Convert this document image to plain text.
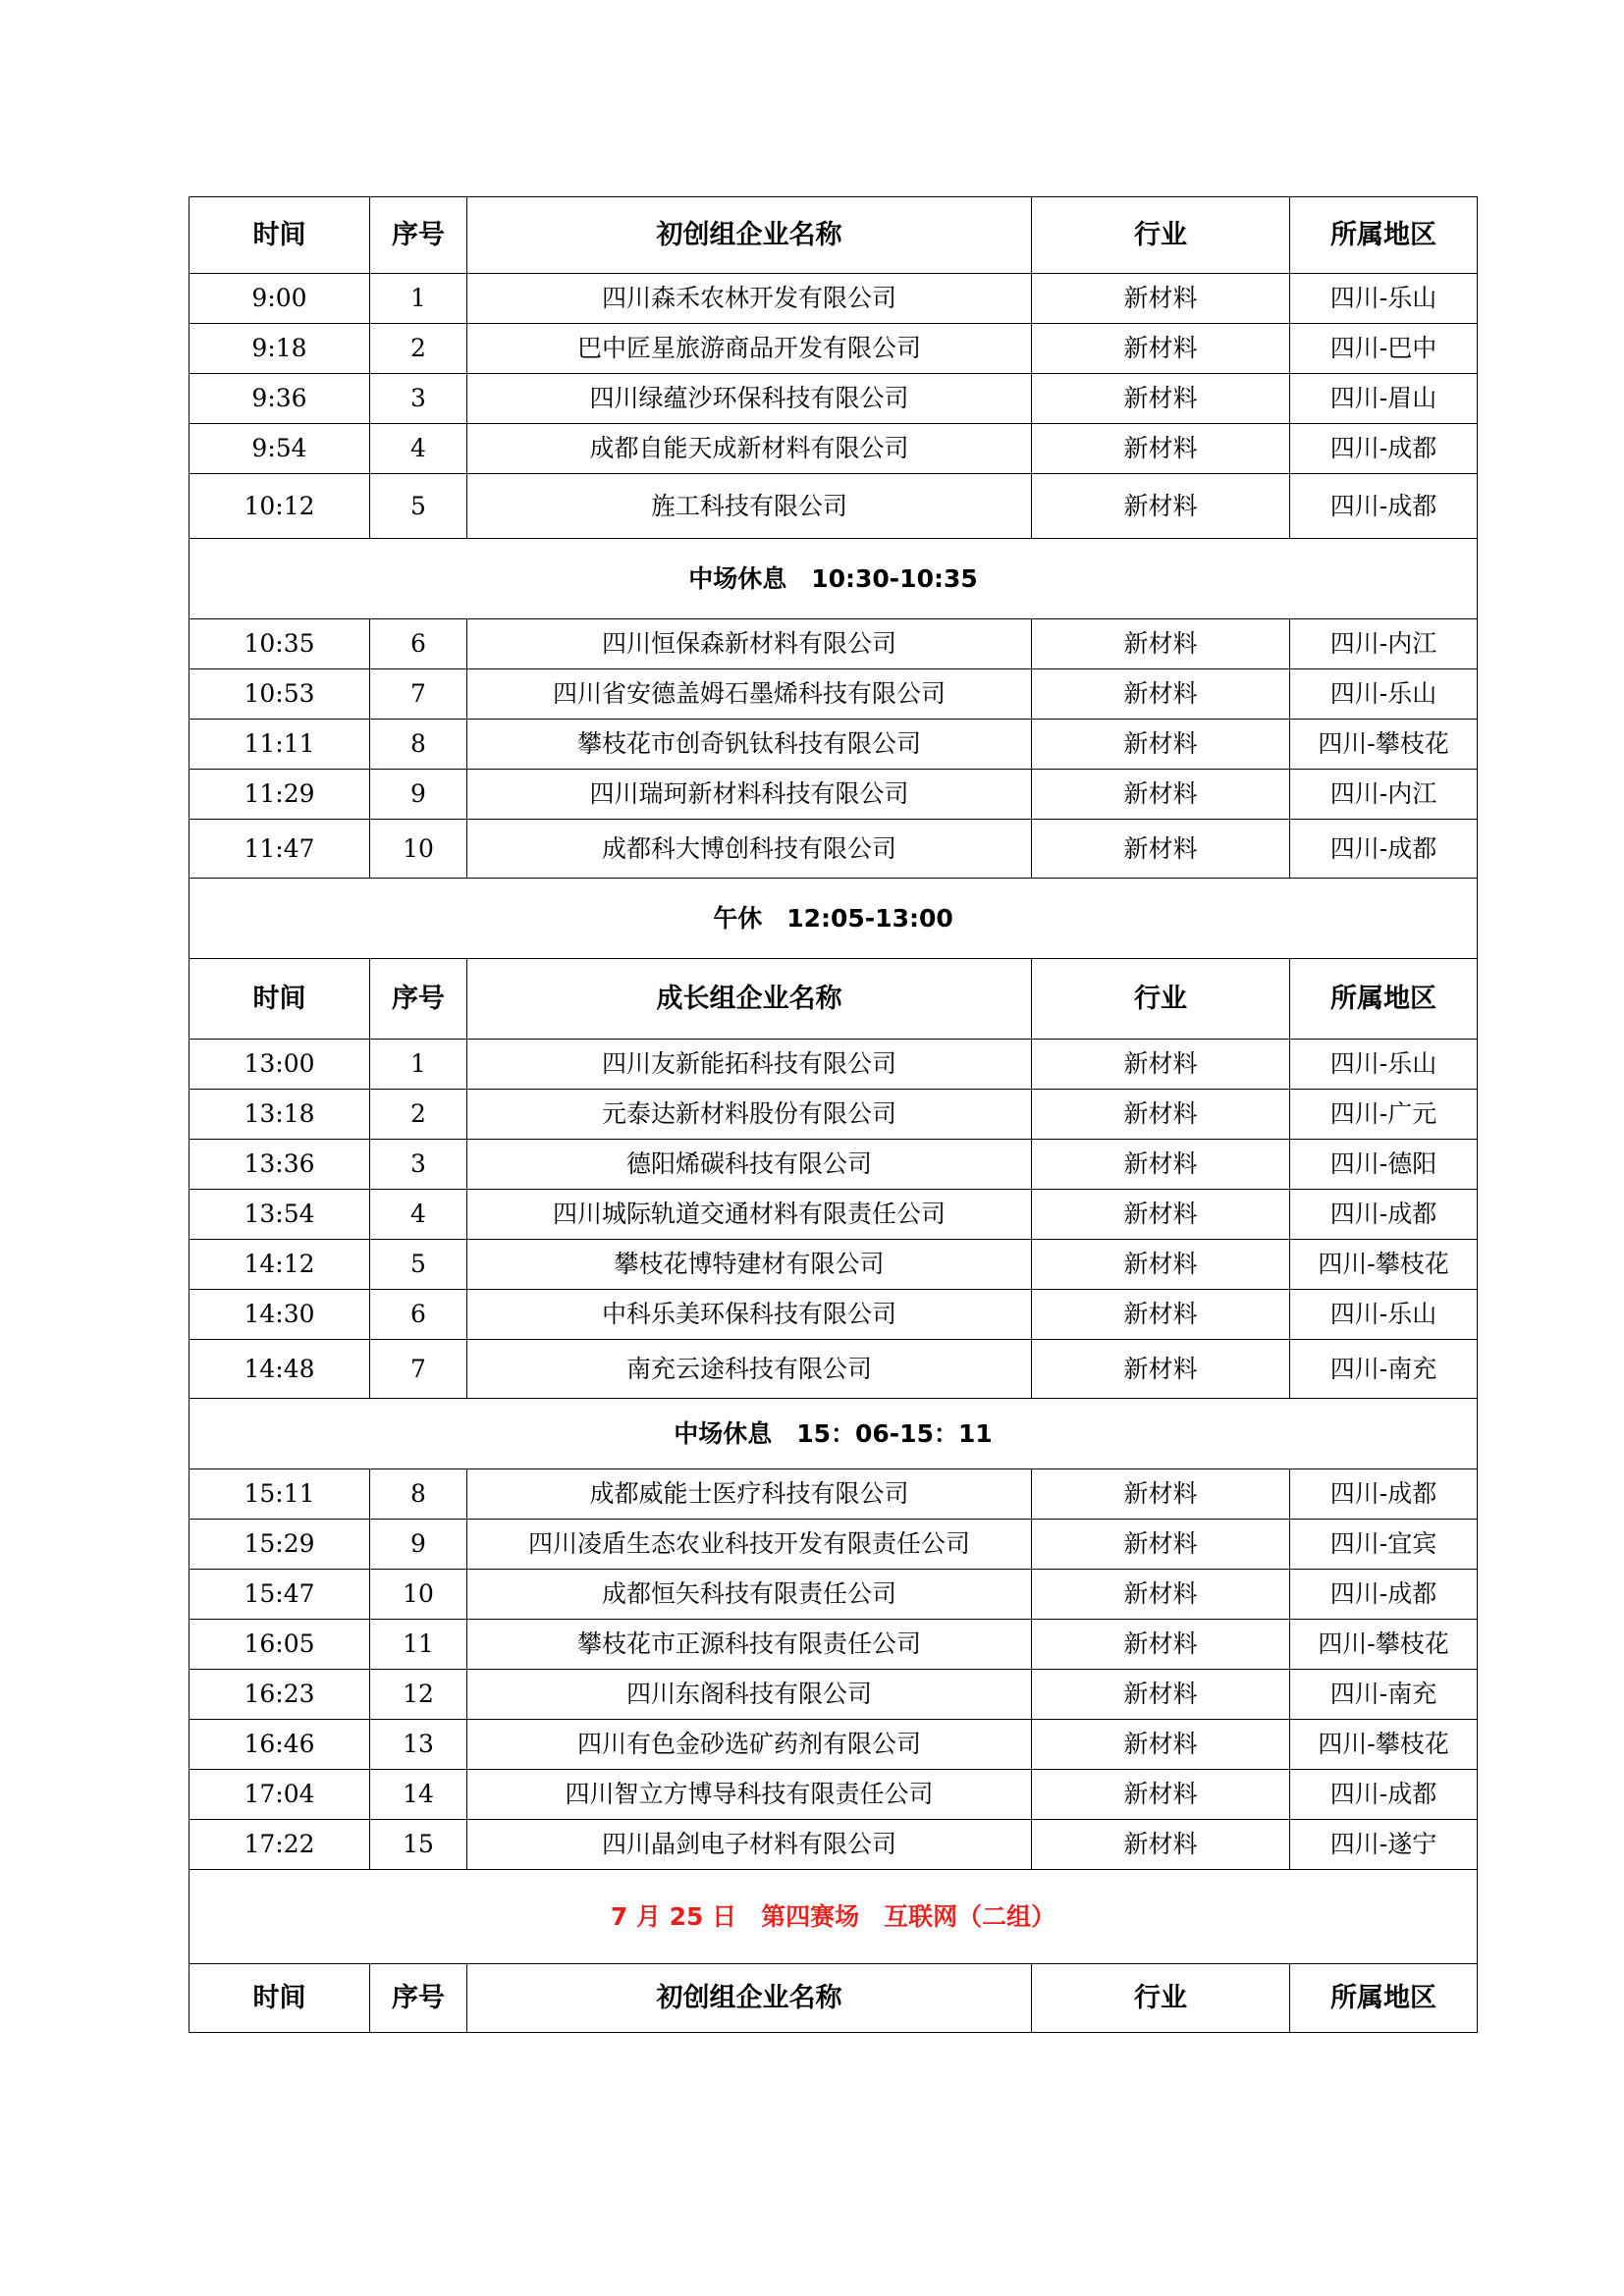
时间	序号	初创组企业名称	行业	所属地区
9:00	1	四川森禾农林开发有限公司	新材料	四川-乐山
9:18	2	巴中匠星旅游商品开发有限公司	新材料	四川-巴中
9:36	3	四川绿蕴沙环保科技有限公司	新材料	四川-眉山
9:54	4	成都自能天成新材料有限公司	新材料	四川-成都
10:12	5	旌工科技有限公司	新材料	四川-成都
中场休息　10:30-10:35				
10:35	6	四川恒保森新材料有限公司	新材料	四川-内江
10:53	7	四川省安德盖姆石墨烯科技有限公司	新材料	四川-乐山
11:11	8	攀枝花市创奇钒钛科技有限公司	新材料	四川-攀枝花
11:29	9	四川瑞珂新材料科技有限公司	新材料	四川-内江
11:47	10	成都科大博创科技有限公司	新材料	四川-成都
午休　12:05-13:00				
时间	序号	成长组企业名称	行业	所属地区
13:00	1	四川友新能拓科技有限公司	新材料	四川-乐山
13:18	2	元泰达新材料股份有限公司	新材料	四川-广元
13:36	3	德阳烯碳科技有限公司	新材料	四川-德阳
13:54	4	四川城际轨道交通材料有限责任公司	新材料	四川-成都
14:12	5	攀枝花博特建材有限公司	新材料	四川-攀枝花
14:30	6	中科乐美环保科技有限公司	新材料	四川-乐山
14:48	7	南充云途科技有限公司	新材料	四川-南充
中场休息　15：06-15：11				
15:11	8	成都威能士医疗科技有限公司	新材料	四川-成都
15:29	9	四川凌盾生态农业科技开发有限责任公司	新材料	四川-宜宾
15:47	10	成都恒矢科技有限责任公司	新材料	四川-成都
16:05	11	攀枝花市正源科技有限责任公司	新材料	四川-攀枝花
16:23	12	四川东阁科技有限公司	新材料	四川-南充
16:46	13	四川有色金砂选矿药剂有限公司	新材料	四川-攀枝花
17:04	14	四川智立方博导科技有限责任公司	新材料	四川-成都
17:22	15	四川晶剑电子材料有限公司	新材料	四川-遂宁
7 月 25 日　第四赛场　互联网（二组）				
时间	序号	初创组企业名称	行业	所属地区
